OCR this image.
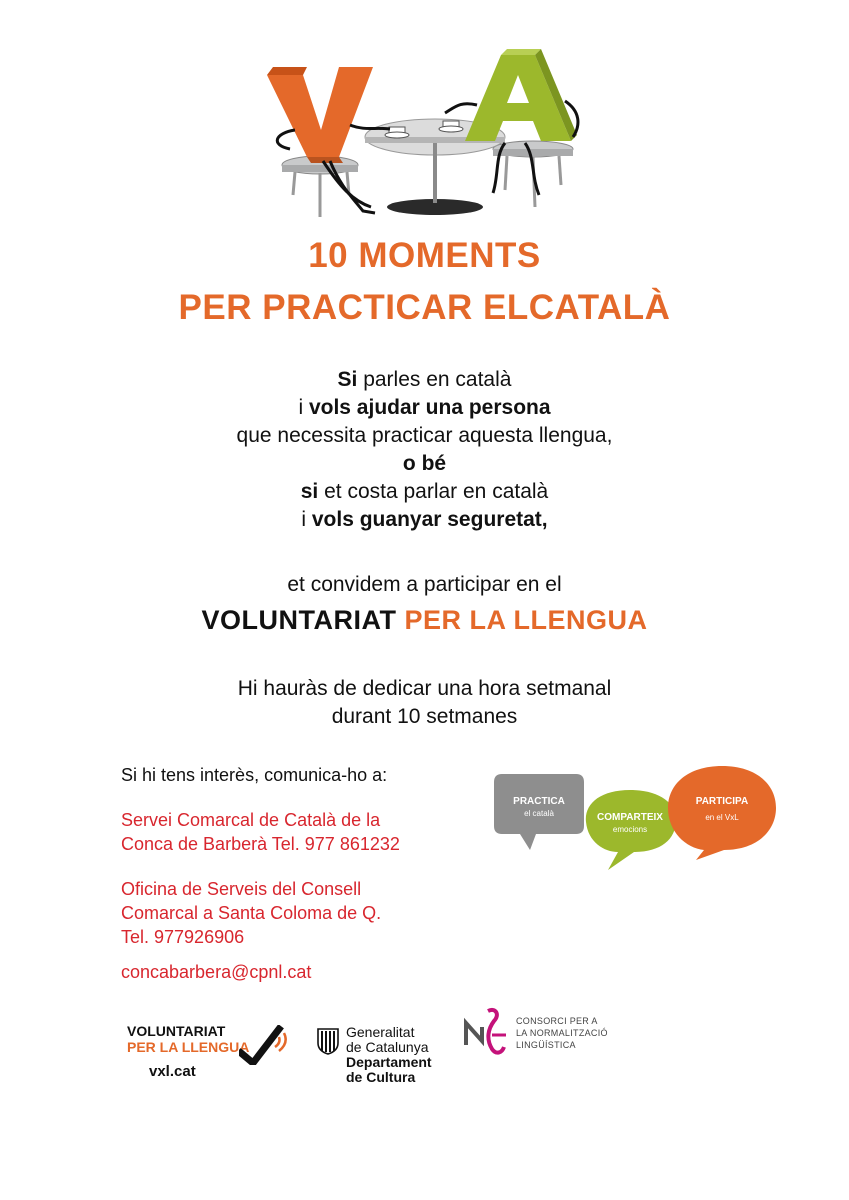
10 MOMENTS
PER PRACTICAR ELCATALÀ
Si parles en català
i vols ajudar una persona
que necessita practicar aquesta llengua,
o bé
si et costa parlar en català
i vols guanyar seguretat,
et convidem a participar en el
VOLUNTARIAT PER LA LLENGUA
Hi hauràs de dedicar una hora setmanal
durant 10 setmanes
Si hi tens interès, comunica-ho a:
Servei Comarcal de Català de la
Conca de Barberà Tel. 977 861232
Oficina de Serveis del Consell
Comarcal a Santa Coloma de Q.
Tel. 977926906
concabarbera@cpnl.cat
PRACTICA
el català	COMPARTEIX
emocions
PARTICIPA
en el VxL
VOLUNTARIAT
PER LA LLENGUA
vxl.cat
Generalitat
de Catalunya
Departament
de Cultura
CONSORCI PER A
LA NORMALITZACIÓ
LINGÜÍSTICA
